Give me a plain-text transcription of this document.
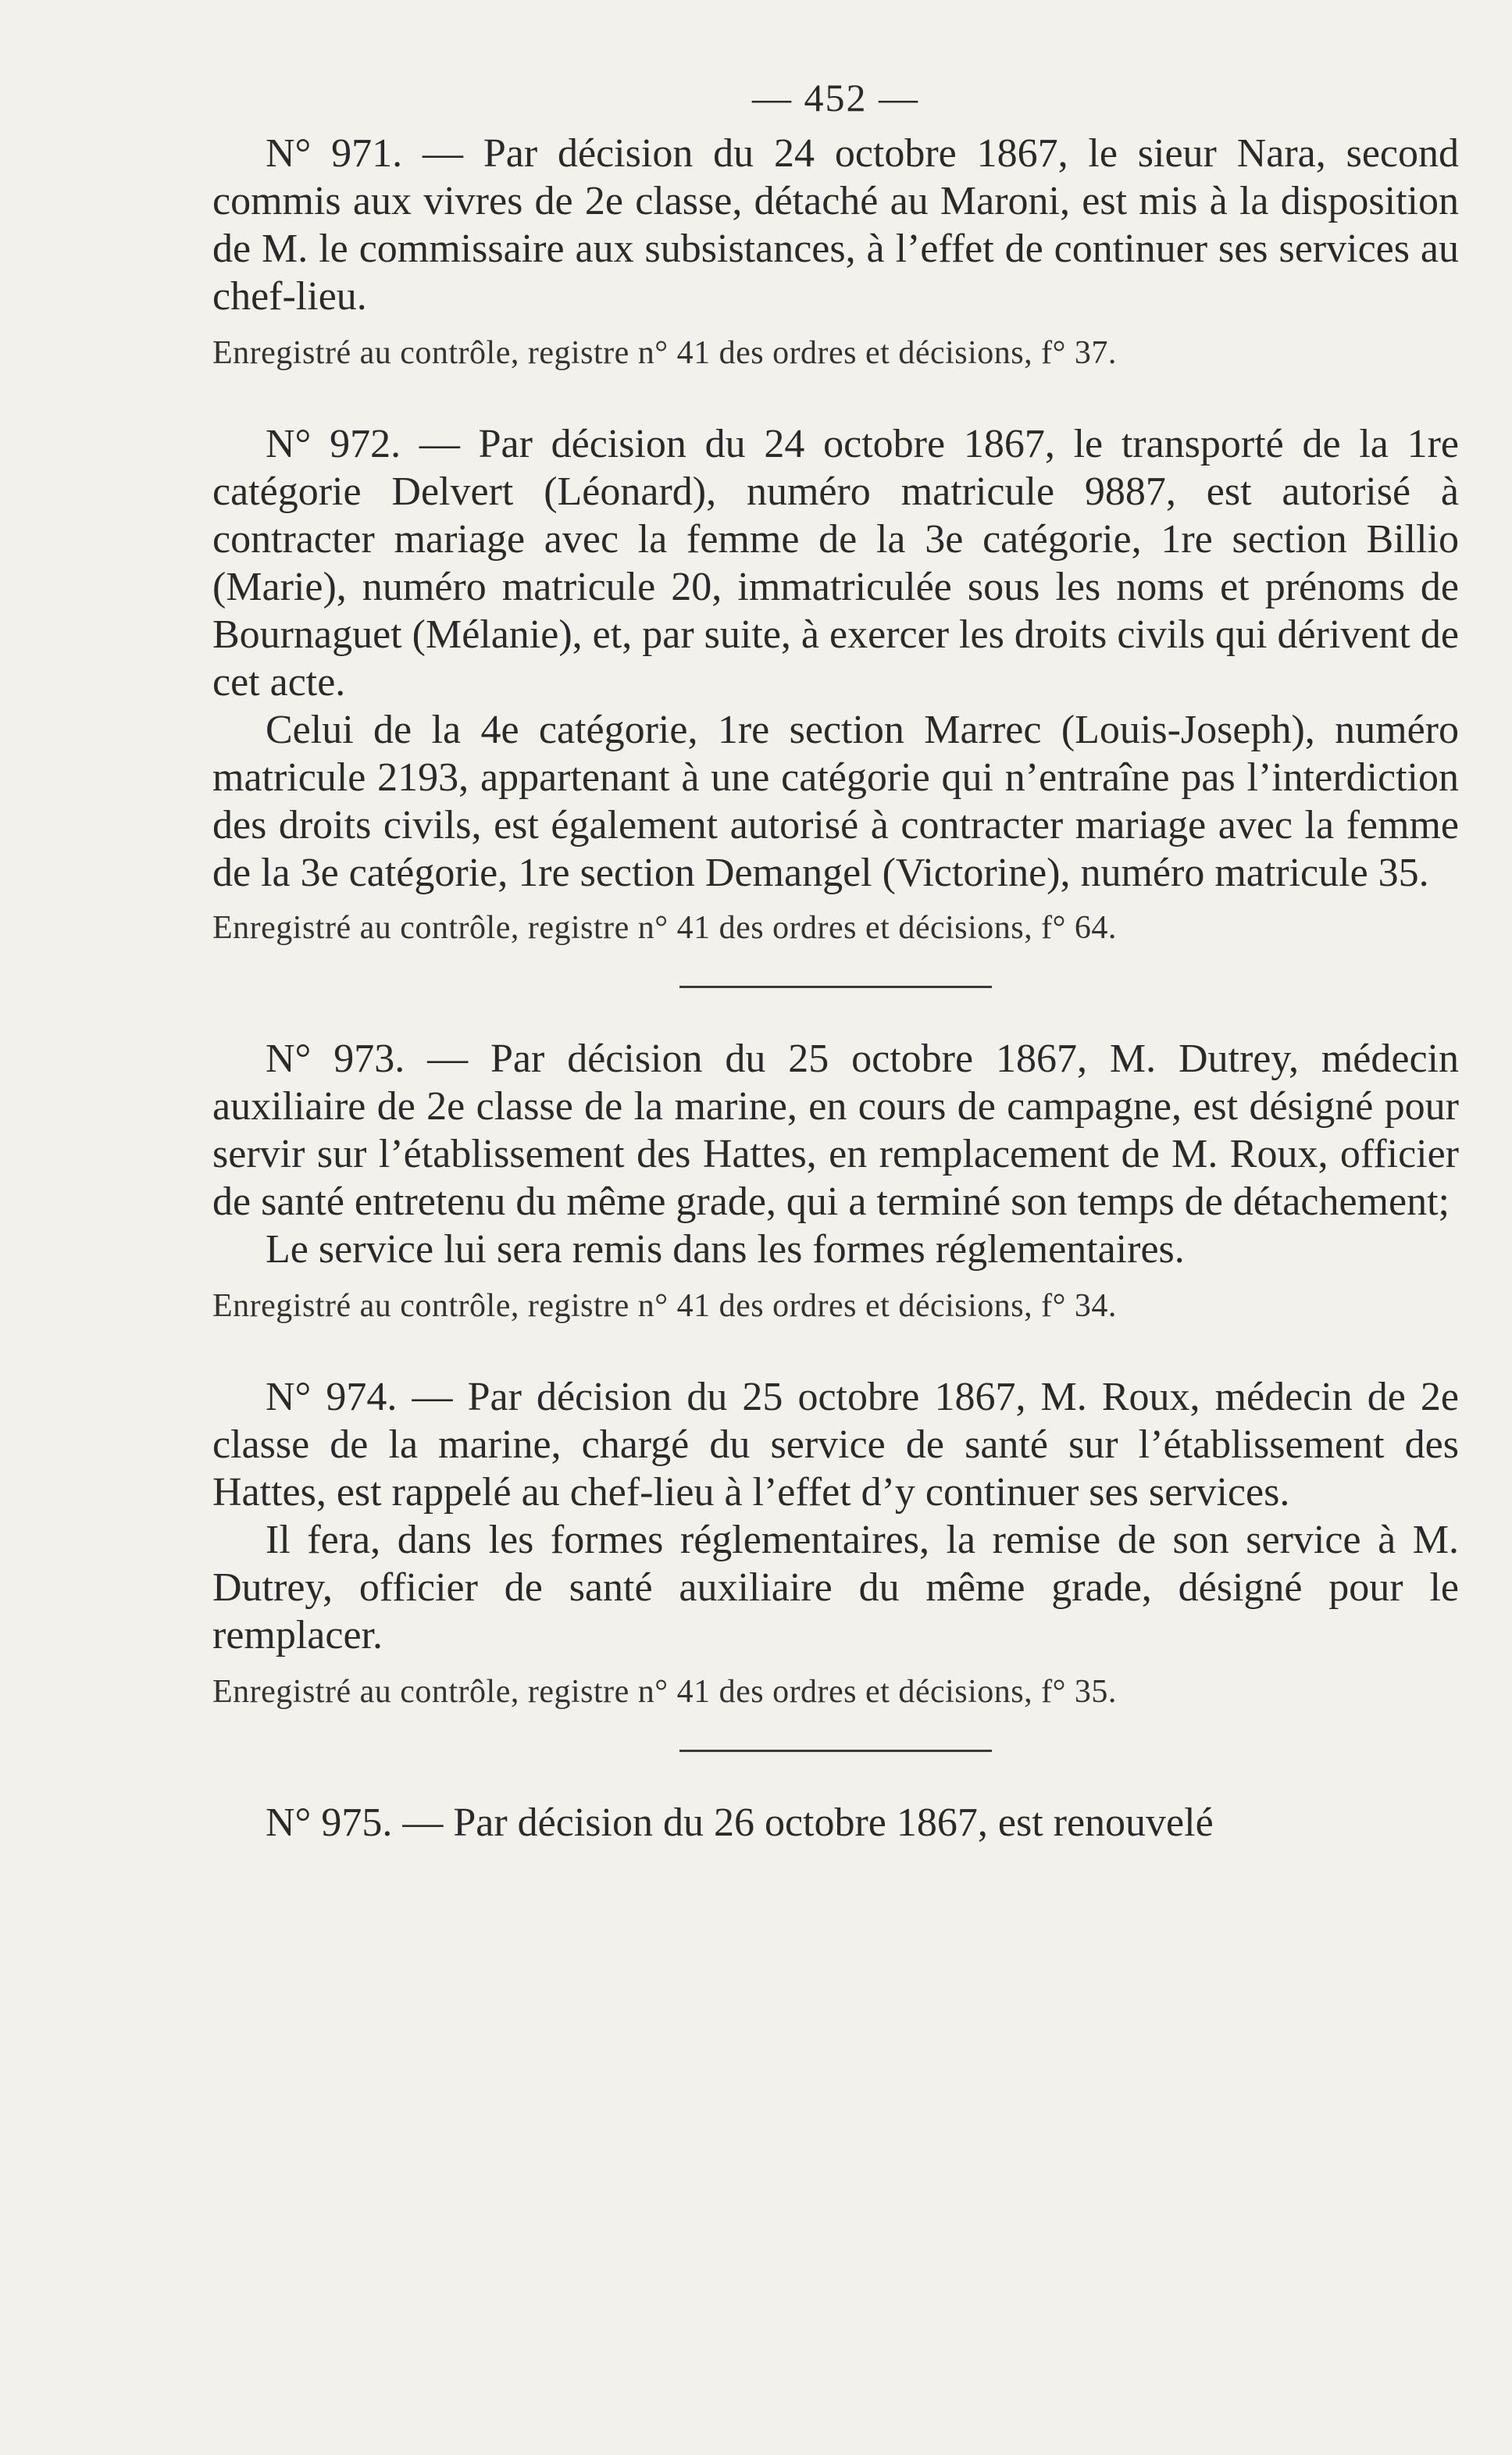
— 452 —

N° 971. — Par décision du 24 octobre 1867, le sieur Nara, second commis aux vivres de 2e classe, détaché au Maroni, est mis à la disposition de M. le commissaire aux subsistances, à l’effet de continuer ses services au chef-lieu.

Enregistré au contrôle, registre n° 41 des ordres et décisions, f° 37.

N° 972. — Par décision du 24 octobre 1867, le transporté de la 1re catégorie Delvert (Léonard), numéro matricule 9887, est autorisé à contracter mariage avec la femme de la 3e catégorie, 1re section Billio (Marie), numéro matricule 20, immatriculée sous les noms et prénoms de Bournaguet (Mélanie), et, par suite, à exercer les droits civils qui dérivent de cet acte.

Celui de la 4e catégorie, 1re section Marrec (Louis-Joseph), numéro matricule 2193, appartenant à une catégorie qui n’entraîne pas l’interdiction des droits civils, est également autorisé à contracter mariage avec la femme de la 3e catégorie, 1re section Demangel (Victorine), numéro matricule 35.

Enregistré au contrôle, registre n° 41 des ordres et décisions, f° 64.

N° 973. — Par décision du 25 octobre 1867, M. Dutrey, médecin auxiliaire de 2e classe de la marine, en cours de campagne, est désigné pour servir sur l’établissement des Hattes, en remplacement de M. Roux, officier de santé entretenu du même grade, qui a terminé son temps de détachement;

Le service lui sera remis dans les formes réglementaires.

Enregistré au contrôle, registre n° 41 des ordres et décisions, f° 34.

N° 974. — Par décision du 25 octobre 1867, M. Roux, médecin de 2e classe de la marine, chargé du service de santé sur l’établissement des Hattes, est rappelé au chef-lieu à l’effet d’y continuer ses services.

Il fera, dans les formes réglementaires, la remise de son service à M. Dutrey, officier de santé auxiliaire du même grade, désigné pour le remplacer.

Enregistré au contrôle, registre n° 41 des ordres et décisions, f° 35.

N° 975. — Par décision du 26 octobre 1867, est renouvelé
